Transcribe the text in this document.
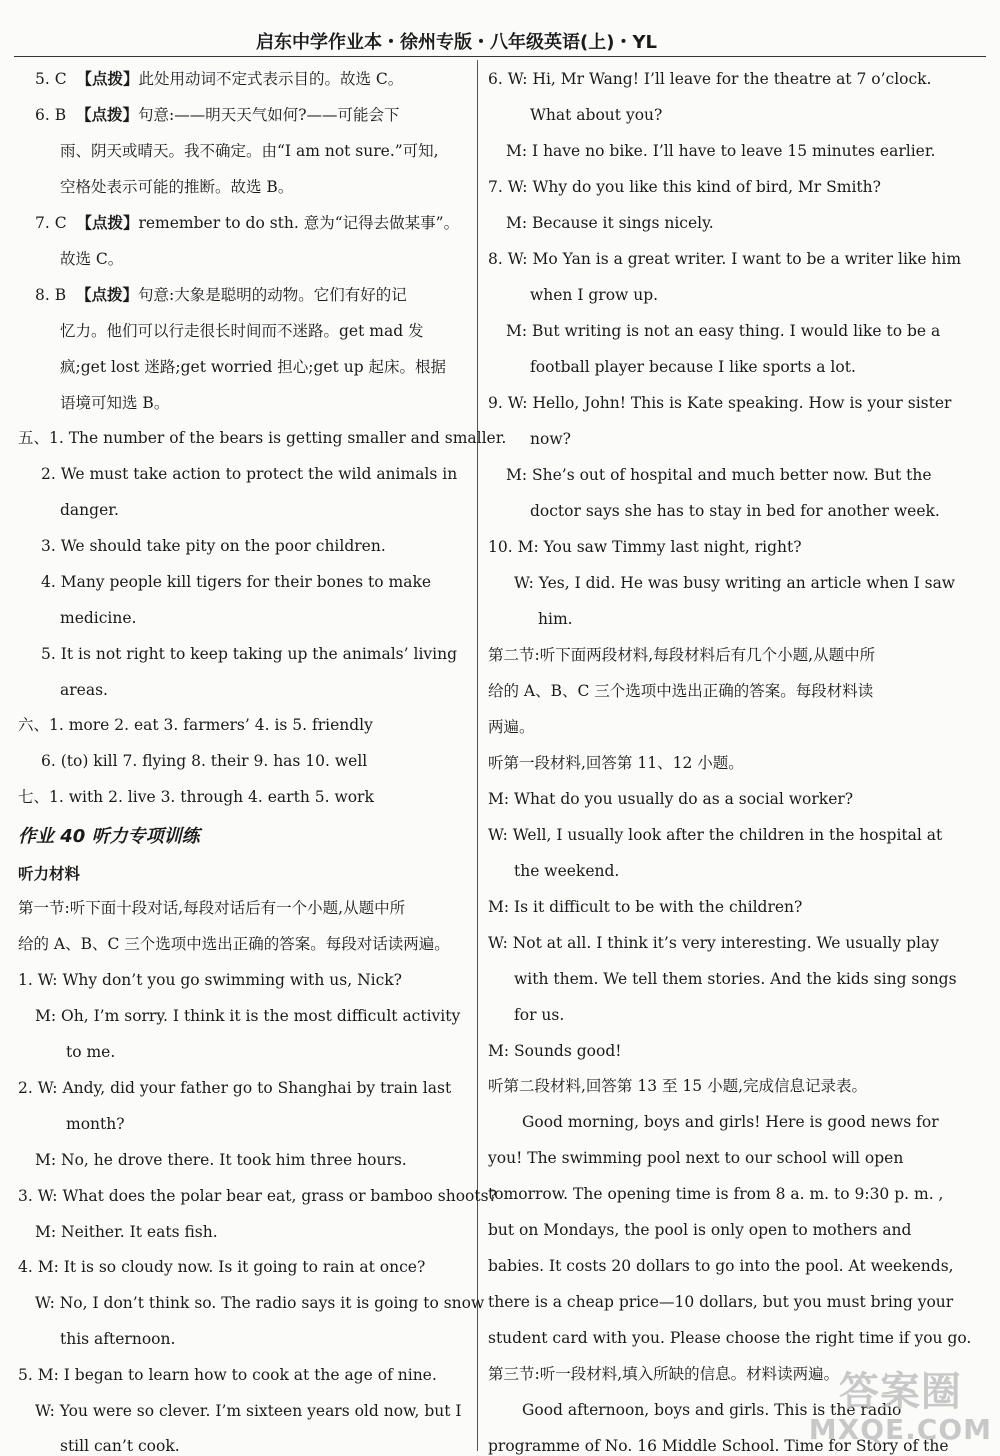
启东中学作业本・徐州专版・八年级英语(上)・YL
5. C 【点拨】此处用动词不定式表示目的。故选 C。
6. B 【点拨】句意:——明天天气如何?——可能会下
雨、阴天或晴天。我不确定。由“I am not sure.”可知,
空格处表示可能的推断。故选 B。
7. C 【点拨】remember to do sth. 意为“记得去做某事”。
故选 C。
8. B 【点拨】句意:大象是聪明的动物。它们有好的记
忆力。他们可以行走很长时间而不迷路。get mad 发
疯;get lost 迷路;get worried 担心;get up 起床。根据
语境可知选 B。
五、1. The number of the bears is getting smaller and smaller.
2. We must take action to protect the wild animals in
danger.
3. We should take pity on the poor children.
4. Many people kill tigers for their bones to make
medicine.
5. It is not right to keep taking up the animals’ living
areas.
六、1. more 2. eat 3. farmers’ 4. is 5. friendly
6. (to) kill 7. flying 8. their 9. has 10. well
七、1. with 2. live 3. through 4. earth 5. work
作业 40 听力专项训练
听力材料
第一节:听下面十段对话,每段对话后有一个小题,从题中所
给的 A、B、C 三个选项中选出正确的答案。每段对话读两遍。
1. W: Why don’t you go swimming with us, Nick?
M: Oh, I’m sorry. I think it is the most difficult activity
to me.
2. W: Andy, did your father go to Shanghai by train last
month?
M: No, he drove there. It took him three hours.
3. W: What does the polar bear eat, grass or bamboo shoots?
M: Neither. It eats fish.
4. M: It is so cloudy now. Is it going to rain at once?
W: No, I don’t think so. The radio says it is going to snow
this afternoon.
5. M: I began to learn how to cook at the age of nine.
W: You were so clever. I’m sixteen years old now, but I
still can’t cook.
6. W: Hi, Mr Wang! I’ll leave for the theatre at 7 o’clock.
What about you?
M: I have no bike. I’ll have to leave 15 minutes earlier.
7. W: Why do you like this kind of bird, Mr Smith?
M: Because it sings nicely.
8. W: Mo Yan is a great writer. I want to be a writer like him
when I grow up.
M: But writing is not an easy thing. I would like to be a
football player because I like sports a lot.
9. W: Hello, John! This is Kate speaking. How is your sister
now?
M: She’s out of hospital and much better now. But the
doctor says she has to stay in bed for another week.
10. M: You saw Timmy last night, right?
W: Yes, I did. He was busy writing an article when I saw
him.
第二节:听下面两段材料,每段材料后有几个小题,从题中所
给的 A、B、C 三个选项中选出正确的答案。每段材料读
两遍。
听第一段材料,回答第 11、12 小题。
M: What do you usually do as a social worker?
W: Well, I usually look after the children in the hospital at
the weekend.
M: Is it difficult to be with the children?
W: Not at all. I think it’s very interesting. We usually play
with them. We tell them stories. And the kids sing songs
for us.
M: Sounds good!
听第二段材料,回答第 13 至 15 小题,完成信息记录表。
Good morning, boys and girls! Here is good news for
you! The swimming pool next to our school will open
tomorrow. The opening time is from 8 a. m. to 9:30 p. m. ,
but on Mondays, the pool is only open to mothers and
babies. It costs 20 dollars to go into the pool. At weekends,
there is a cheap price—10 dollars, but you must bring your
student card with you. Please choose the right time if you go.
第三节:听一段材料,填入所缺的信息。材料读两遍。
Good afternoon, boys and girls. This is the radio
programme of No. 16 Middle School. Time for Story of the
答案圈
MXQE.COM
